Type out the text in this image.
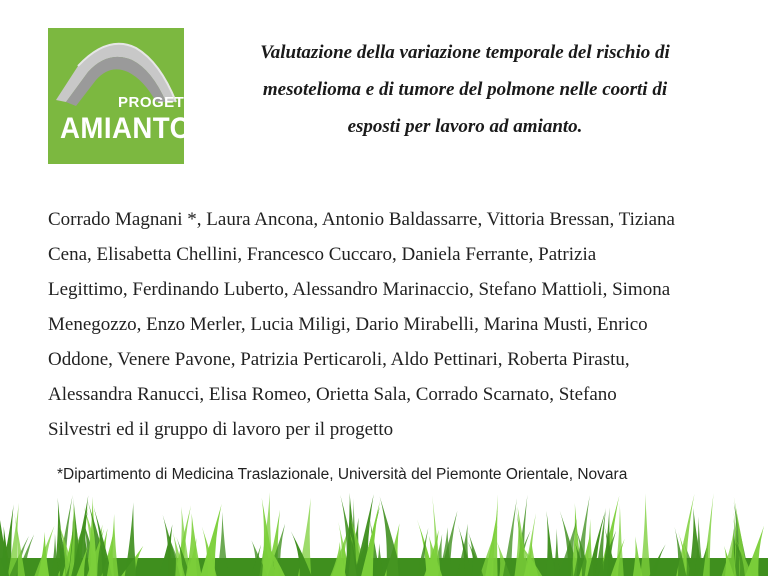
PROGETTO
AMIANTO
Valutazione della variazione temporale del rischio di
mesotelioma e di tumore del polmone nelle coorti di
esposti per lavoro ad amianto.
Corrado Magnani *, Laura Ancona, Antonio Baldassarre, Vittoria Bressan, Tiziana
Cena, Elisabetta Chellini, Francesco Cuccaro, Daniela Ferrante, Patrizia
Legittimo, Ferdinando Luberto, Alessandro Marinaccio, Stefano Mattioli, Simona
Menegozzo, Enzo Merler, Lucia Miligi, Dario Mirabelli, Marina Musti, Enrico
Oddone, Venere Pavone, Patrizia Perticaroli, Aldo Pettinari, Roberta Pirastu,
Alessandra Ranucci, Elisa Romeo, Orietta Sala, Corrado Scarnato, Stefano
Silvestri ed il gruppo di lavoro per il progetto
*Dipartimento di Medicina Traslazionale, Università del Piemonte Orientale, Novara
